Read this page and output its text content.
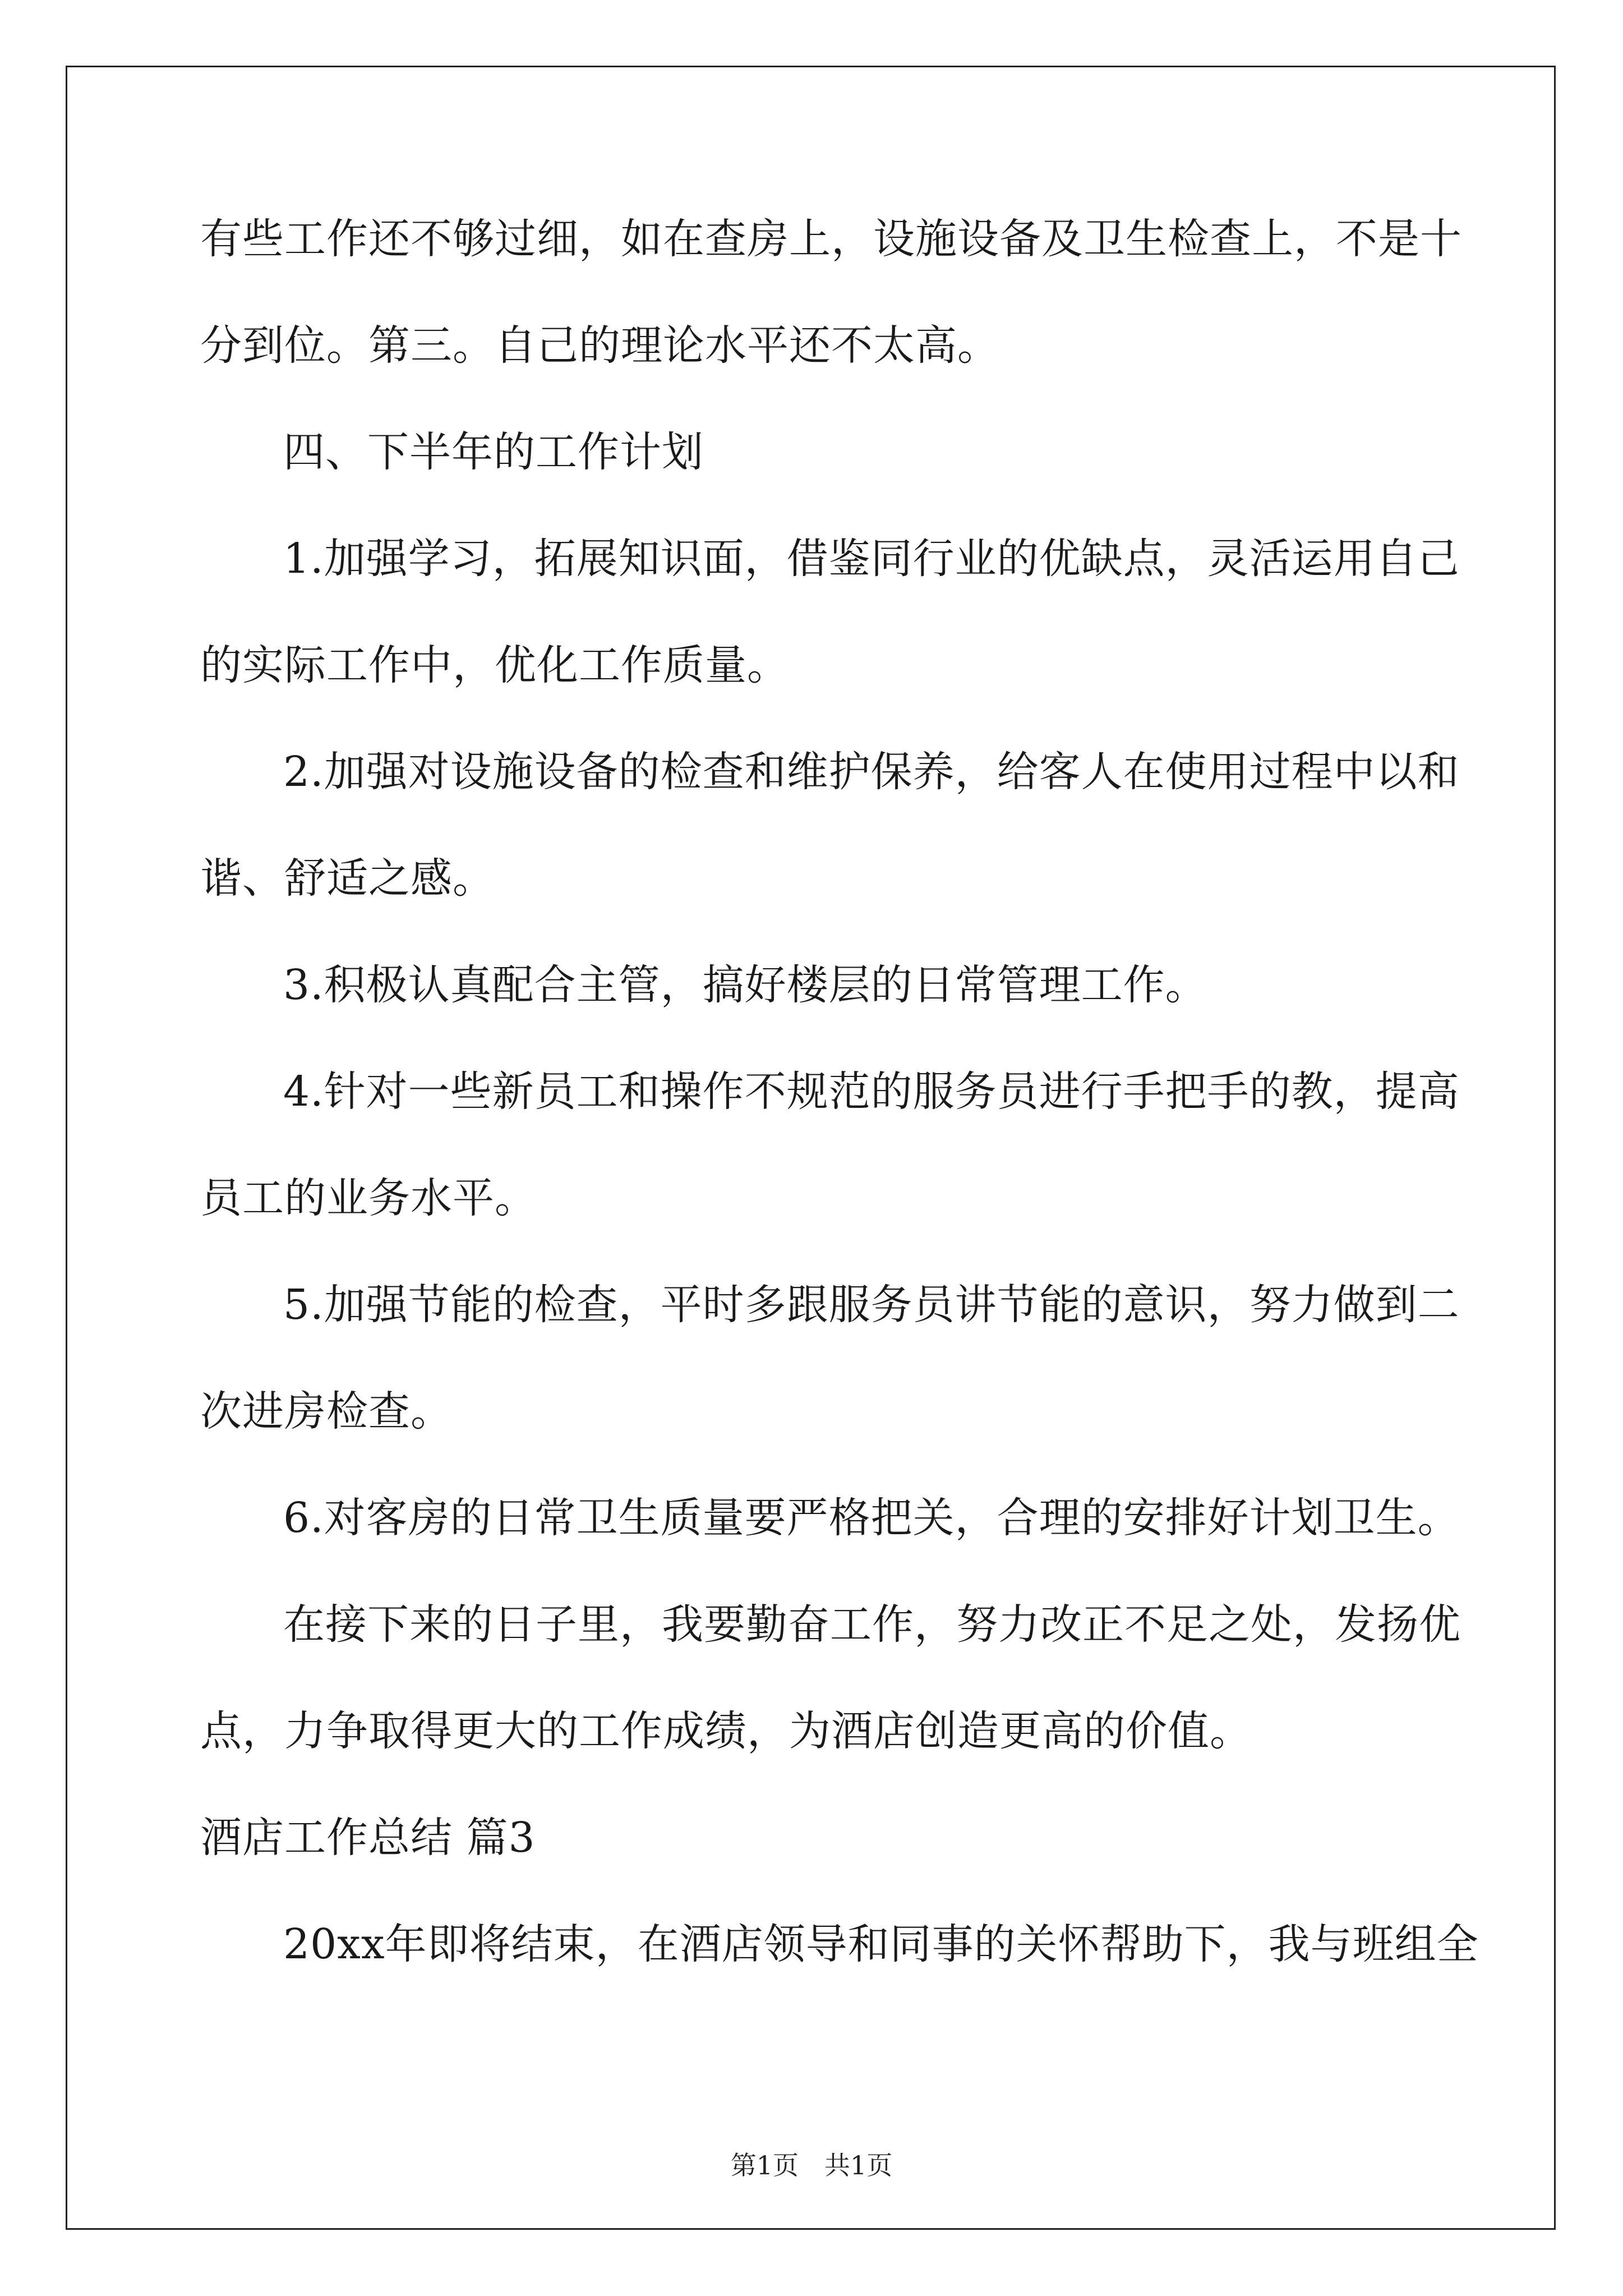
有些工作还不够过细，如在查房上，设施设备及卫生检查上，不是十
分到位。第三。自己的理论水平还不太高。
四、下半年的工作计划
1.加强学习，拓展知识面，借鉴同行业的优缺点，灵活运用自己
的实际工作中，优化工作质量。
2.加强对设施设备的检查和维护保养，给客人在使用过程中以和
谐、舒适之感。
3.积极认真配合主管，搞好楼层的日常管理工作。
4.针对一些新员工和操作不规范的服务员进行手把手的教，提高
员工的业务水平。
5.加强节能的检查，平时多跟服务员讲节能的意识，努力做到二
次进房检查。
6.对客房的日常卫生质量要严格把关，合理的安排好计划卫生。
在接下来的日子里，我要勤奋工作，努力改正不足之处，发扬优
点，力争取得更大的工作成绩，为酒店创造更高的价值。
酒店工作总结 篇3
20xx年即将结束，在酒店领导和同事的关怀帮助下，我与班组全
第1页　共1页
